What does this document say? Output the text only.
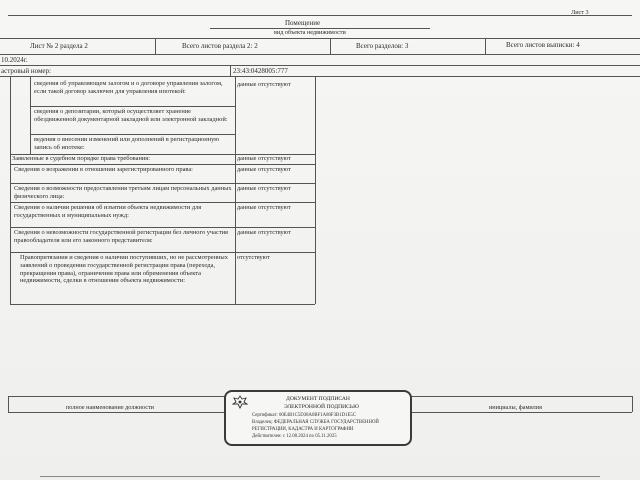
Лист 3
Помещение
вид объекта недвижимости
Лист № 2 раздела 2	Всего листов раздела 2: 2	Всего разделов: 3	Всего листов выписки: 4
10.2024г.
астровый номер:	23:43:0428005:777
сведения об управляющем залогом и о договоре управления залогом, если такой договор заключен для управления ипотекой:
данные отсутствуют
сведения о депозитарии, который осуществляет хранение обездвиженной документарной закладной или электронной закладной:
ведения о внесении изменений или дополнений в регистрационную запись об ипотеке:
Заявленные в судебном порядке права требования:	данные отсутствуют
Сведения о возражении в отношении зарегистрированного права:	данные отсутствуют
Сведения о возможности предоставления третьим лицам персональных данных физического лица:
данные отсутствуют
Сведения о наличии решения об изъятии объекта недвижимости для государственных и муниципальных нужд:
данные отсутствуют
Сведения о невозможности государственной регистрации без личного участия правообладателя или его законного представителя:
данные отсутствуют
Правопритязания и сведения о наличии поступивших, но не рассмотренных заявлений о проведении государственной регистрации права (перехода, прекращения права), ограничения права или обременения объекта недвижимости, сделки в отношении объекта недвижимости:
отсутствуют
полное наименование должности	инициалы, фамилия
ДОКУМЕНТ ПОДПИСАН
ЭЛЕКТРОННОЙ ПОДПИСЬЮ
Сертификат: 00E4B1C5D38A0BF1A80F3B1D1E5C
Владелец: ФЕДЕРАЛЬНАЯ СЛУЖБА ГОСУДАРСТВЕННОЙ
РЕГИСТРАЦИИ, КАДАСТРА И КАРТОГРАФИИ
Действителен: с 12.08.2024 по 05.11.2025
